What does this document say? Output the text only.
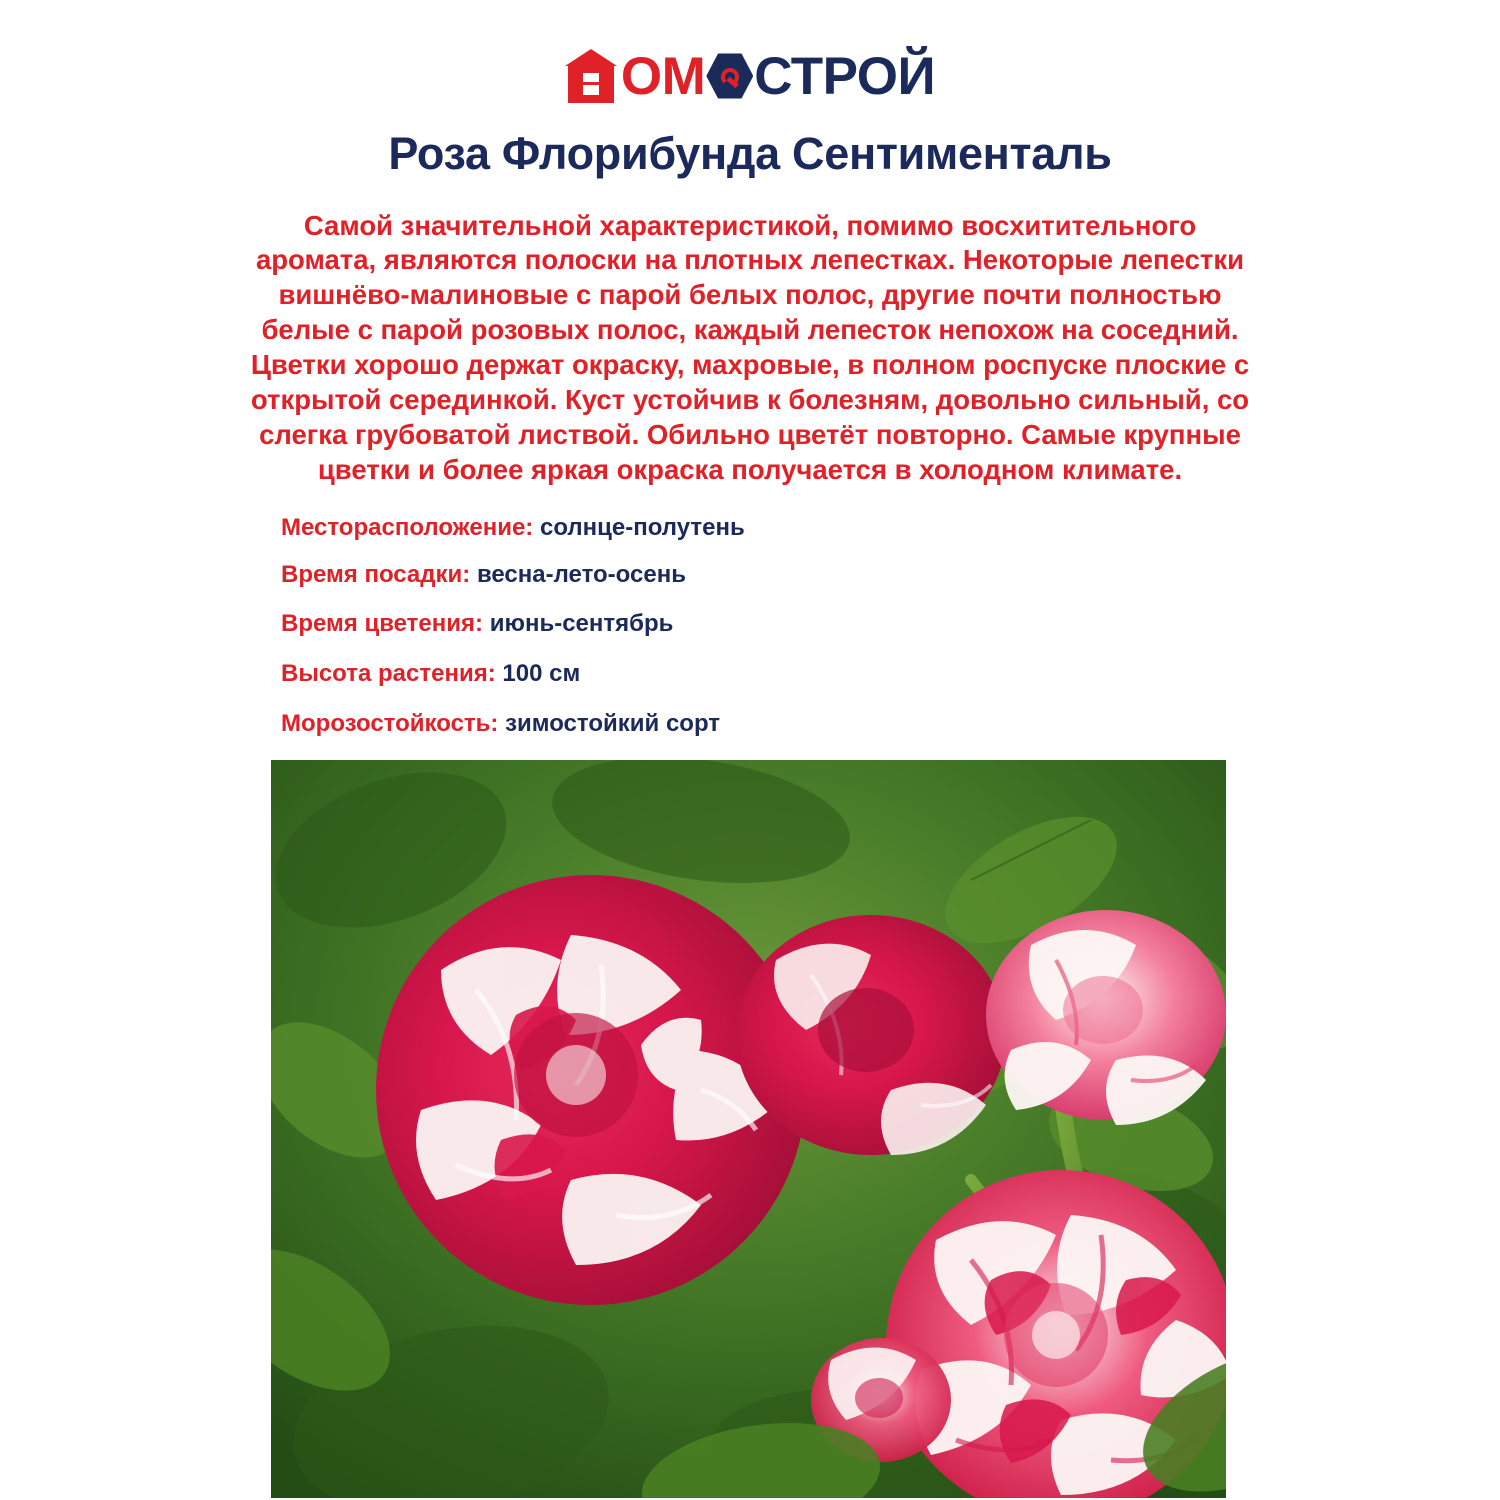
ОМ СТРОЙ
Роза Флорибунда Сентименталь

Самой значительной характеристикой, помимо восхитительного аромата, являются полоски на плотных лепестках. Некоторые лепестки вишнёво-малиновые с парой белых полос, другие почти полностью белые с парой розовых полос, каждый лепесток непохож на соседний. Цветки хорошо держат окраску, махровые, в полном роспуске плоские с открытой серединкой. Куст устойчив к болезням, довольно сильный, со слегка грубоватой листвой. Обильно цветёт повторно. Самые крупные цветки и более яркая окраска получается в холодном климате.

Месторасположение: солнце-полутень
Время посадки: весна-лето-осень
Время цветения: июнь-сентябрь
Высота растения: 100 см
Морозостойкость: зимостойкий сорт
